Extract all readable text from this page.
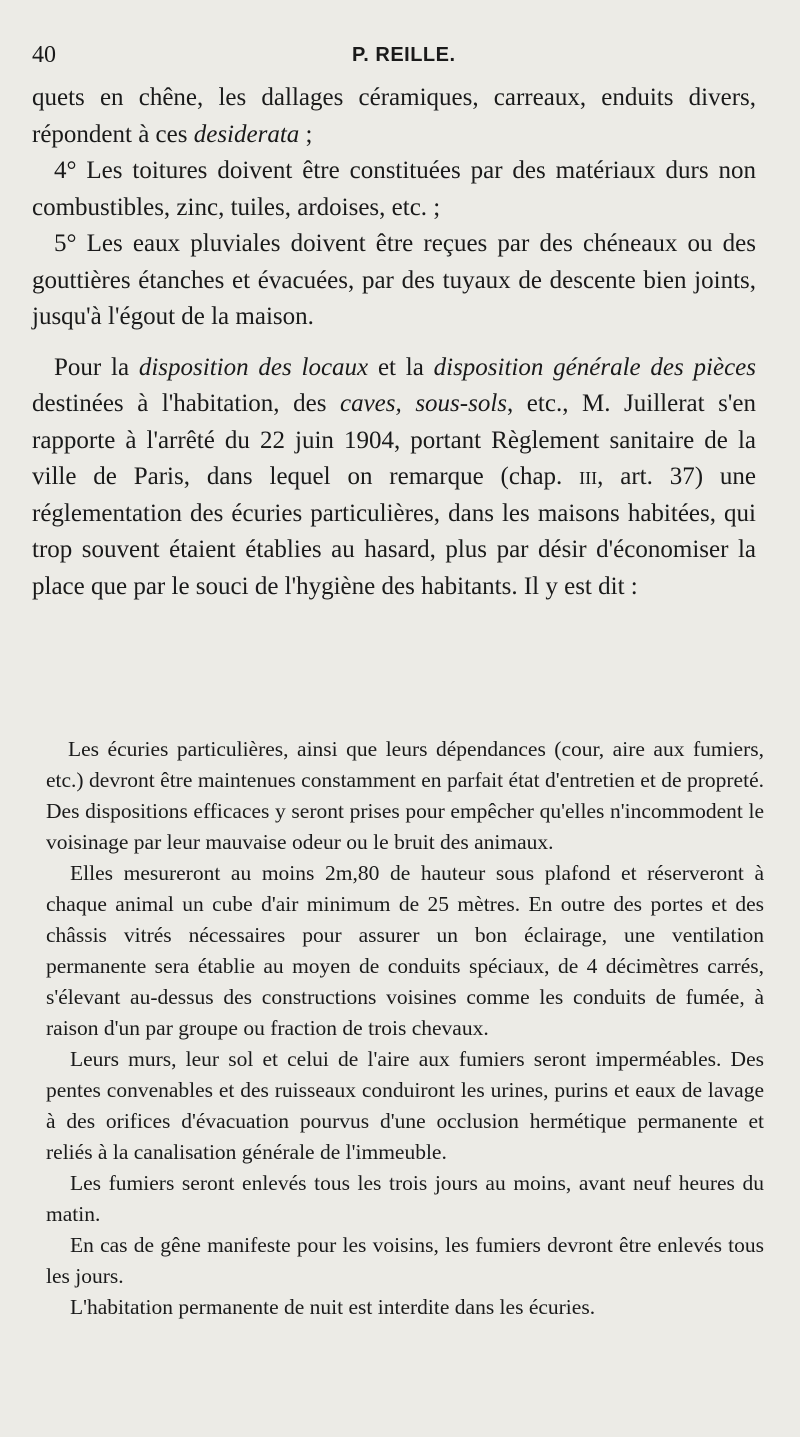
40	P. REILLE.

quets en chêne, les dallages céramiques, carreaux, enduits divers, répondent à ces desiderata ;

4° Les toitures doivent être constituées par des matériaux durs non combustibles, zinc, tuiles, ardoises, etc. ;

5° Les eaux pluviales doivent être reçues par des chéneaux ou des gouttières étanches et évacuées, par des tuyaux de descente bien joints, jusqu'à l'égout de la maison.

Pour la disposition des locaux et la disposition générale des pièces destinées à l'habitation, des caves, sous-sols, etc., M. Juillerat s'en rapporte à l'arrêté du 22 juin 1904, portant Règlement sanitaire de la ville de Paris, dans lequel on remarque (chap. iii, art. 37) une réglementation des écuries particulières, dans les maisons habitées, qui trop souvent étaient établies au hasard, plus par désir d'économiser la place que par le souci de l'hygiène des habitants. Il y est dit :

Les écuries particulières, ainsi que leurs dépendances (cour, aire aux fumiers, etc.) devront être maintenues constamment en parfait état d'entretien et de propreté. Des dispositions efficaces y seront prises pour empêcher qu'elles n'incommodent le voisinage par leur mauvaise odeur ou le bruit des animaux.

Elles mesureront au moins 2m,80 de hauteur sous plafond et réserveront à chaque animal un cube d'air minimum de 25 mètres. En outre des portes et des châssis vitrés nécessaires pour assurer un bon éclairage, une ventilation permanente sera établie au moyen de conduits spéciaux, de 4 décimètres carrés, s'élevant au-dessus des constructions voisines comme les conduits de fumée, à raison d'un par groupe ou fraction de trois chevaux.

Leurs murs, leur sol et celui de l'aire aux fumiers seront imperméables. Des pentes convenables et des ruisseaux conduiront les urines, purins et eaux de lavage à des orifices d'évacuation pourvus d'une occlusion hermétique permanente et reliés à la canalisation générale de l'immeuble.

Les fumiers seront enlevés tous les trois jours au moins, avant neuf heures du matin.

En cas de gêne manifeste pour les voisins, les fumiers devront être enlevés tous les jours.

L'habitation permanente de nuit est interdite dans les écuries.
